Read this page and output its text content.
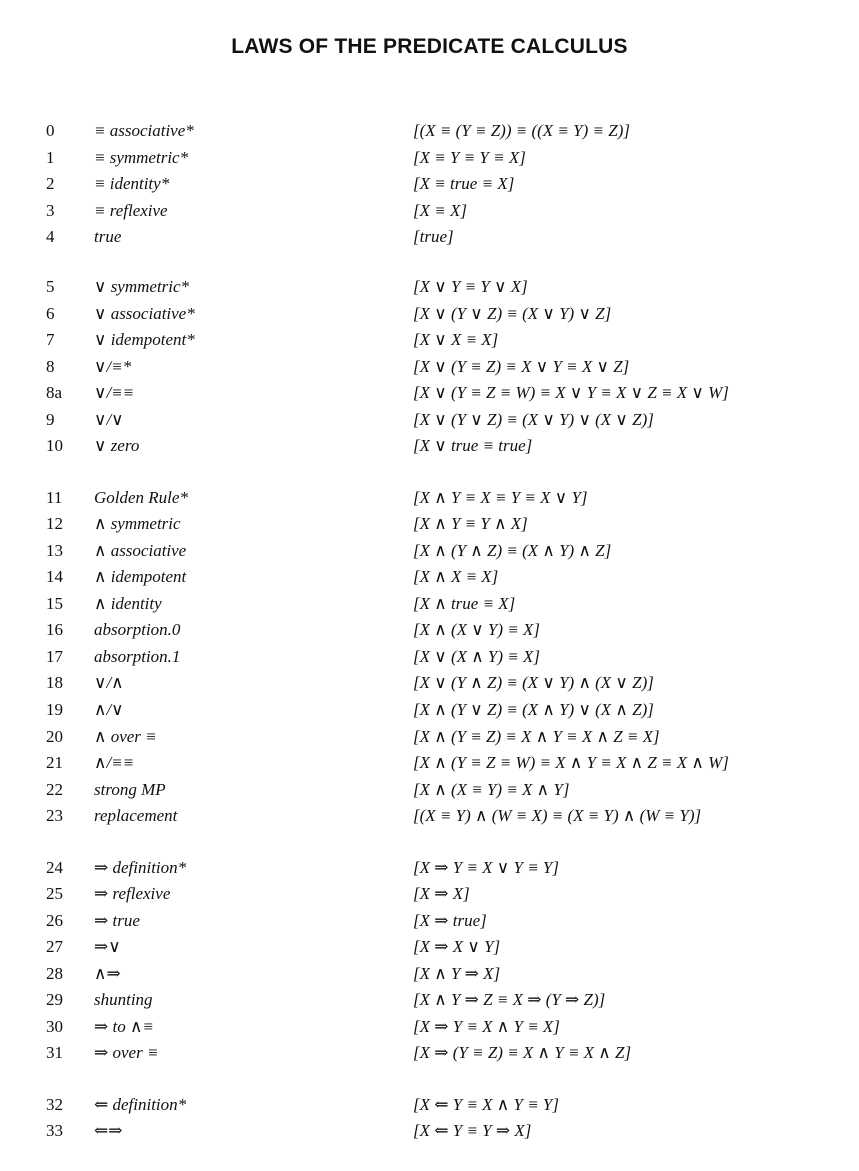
LAWS OF THE PREDICATE CALCULUS
0 ≡ associative*	[(X ≡ (Y ≡ Z)) ≡ ((X ≡ Y) ≡ Z)]
1 ≡ symmetric*	[X ≡ Y ≡ Y ≡ X]
2 ≡ identity*	[X ≡ true ≡ X]
3 ≡ reflexive	[X ≡ X]
4 true	[true]
5 ∨ symmetric*	[X ∨ Y ≡ Y ∨ X]
6 ∨ associative*	[X ∨ (Y ∨ Z) ≡ (X ∨ Y) ∨ Z]
7 ∨ idempotent*	[X ∨ X ≡ X]
8 ∨/≡*	[X ∨ (Y ≡ Z) ≡ X ∨ Y ≡ X ∨ Z]
8a ∨/≡≡	[X ∨ (Y ≡ Z ≡ W) ≡ X ∨ Y ≡ X ∨ Z ≡ X ∨ W]
9 ∨/∨	[X ∨ (Y ∨ Z) ≡ (X ∨ Y) ∨ (X ∨ Z)]
10 ∨ zero	[X ∨ true ≡ true]
11 Golden Rule*	[X ∧ Y ≡ X ≡ Y ≡ X ∨ Y]
12 ∧ symmetric	[X ∧ Y ≡ Y ∧ X]
13 ∧ associative	[X ∧ (Y ∧ Z) ≡ (X ∧ Y) ∧ Z]
14 ∧ idempotent	[X ∧ X ≡ X]
15 ∧ identity	[X ∧ true ≡ X]
16 absorption.0	[X ∧ (X ∨ Y) ≡ X]
17 absorption.1	[X ∨ (X ∧ Y) ≡ X]
18 ∨/∧	[X ∨ (Y ∧ Z) ≡ (X ∨ Y) ∧ (X ∨ Z)]
19 ∧/∨	[X ∧ (Y ∨ Z) ≡ (X ∧ Y) ∨ (X ∧ Z)]
20 ∧ over ≡	[X ∧ (Y ≡ Z) ≡ X ∧ Y ≡ X ∧ Z ≡ X]
21 ∧/≡≡	[X ∧ (Y ≡ Z ≡ W) ≡ X ∧ Y ≡ X ∧ Z ≡ X ∧ W]
22 strong MP	[X ∧ (X ≡ Y) ≡ X ∧ Y]
23 replacement	[(X ≡ Y) ∧ (W ≡ X) ≡ (X ≡ Y) ∧ (W ≡ Y)]
24 ⇒ definition*	[X ⇒ Y ≡ X ∨ Y ≡ Y]
25 ⇒ reflexive	[X ⇒ X]
26 ⇒ true	[X ⇒ true]
27 ⇒∨	[X ⇒ X ∨ Y]
28 ∧⇒	[X ∧ Y ⇒ X]
29 shunting	[X ∧ Y ⇒ Z ≡ X ⇒ (Y ⇒ Z)]
30 ⇒ to ∧≡	[X ⇒ Y ≡ X ∧ Y ≡ X]
31 ⇒ over ≡	[X ⇒ (Y ≡ Z) ≡ X ∧ Y ≡ X ∧ Z]
32 ⇐ definition*	[X ⇐ Y ≡ X ∧ Y ≡ Y]
33 ⇐⇒	[X ⇐ Y ≡ Y ⇒ X]
